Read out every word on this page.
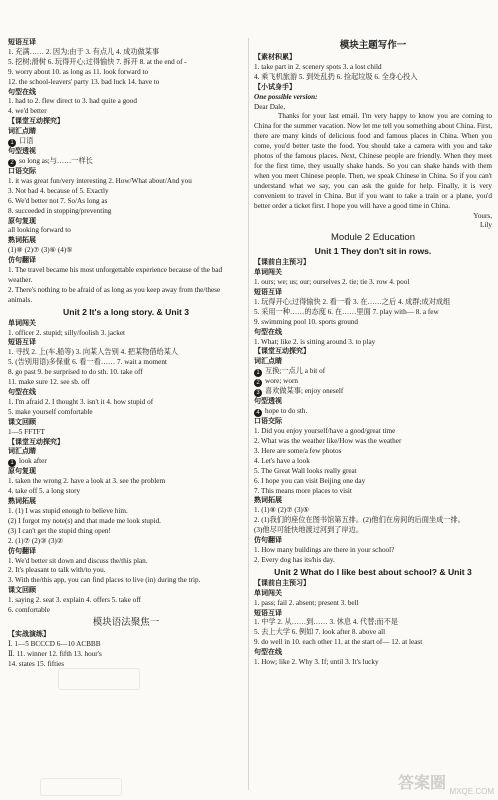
短语互译
1. 充满…… 2. 因为;由于 3. 有点儿 4. 成功做某事
5. 挖树;滑树 6. 玩得开心;过得愉快 7. 拆开 8. at the end of -
9. worry about 10. as long as 11. look forward to
12. the school-leavers' party 13. bad luck 14. have to
句型在线
1. had to 2. flew direct to 3. had quite a good
4. we'd better
【课堂互动探究】
词汇点睛
1 口语
句型透视
2 so long as;与……一样长
口语交际
1. it was great fun/very interesting 2. How/What about/And you
3. Not bad 4. because of 5. Exactly
6. We'd better not 7. So/As long as
8. succeeded in stopping/preventing
原句复现
all looking forward to
熟词拓展
(1)⑧ (2)⑦ (3)⑥ (4)⑤
仿句翻译
1. The travel became his most unforgettable experience because of the bad weather.
2. There's nothing to be afraid of as long as you keep away from the/these animals.
Unit 2 It's a long story. & Unit 3
单词闯关
1. officer 2. stupid; silly/foolish 3. jacket
短语互译
1. 寻找 2. 上(车,船等) 3. 向某人告别 4. 把某物借给某人
5. (告别用语)多保重 6. 看一看…… 7. wait a moment
8. go past 9. be surprised to do sth. 10. take off
11. make sure 12. see sb. off
句型在线
1. I'm afraid 2. I thought 3. isn't it 4. how stupid of
5. make yourself comfortable
课文回顾
1—5 FFTFT
【课堂互动探究】
词汇点睛
1 look after
原句复现
1. taken the wrong 2. have a look at 3. see the problem
4. take off 5. a long story
熟词拓展
1. (1) I was stupid enough to believe him.
(2) I forgot my note(s) and that made me look stupid.
(3) I can't get the stupid thing open!
2. (1)⑦ (2)③ (3)②
仿句翻译
1. We'd better sit down and discuss the/this plan.
2. It's pleasant to talk with/to you.
3. With the/this app, you can find places to live (in) during the trip.
课文回顾
1. saying 2. seat 3. explain 4. offers 5. take off
6. comfortable
模块语法聚焦一
【实战演练】
Ⅰ. 1—5 BCCCD 6—10 ACBBB
Ⅱ. 11. winner 12. fifth 13. hour's
14. states 15. fifties
模块主题写作一
【素材积累】
1. take part in 2. scenery spots 3. a lost child
4. 乘飞机旅游 5. 到处乱扔 6. 捡起垃圾 6. 全身心投入
【小试身手】
One possible version:
Dear Dale,
Thanks for your last email. I'm very happy to know you are coming to China for the summer vacation. Now let me tell you something about China. First, there are many kinds of delicious food and famous places in China. When you come, you'd better taste the food. You should take a camera with you and take photos of the famous places. Next, Chinese people are friendly. When they meet for the first time, they usually shake hands. So you can shake hands with them when you meet Chinese people. Then, we speak Chinese in China. So if you can't understand what we say, you can ask the guide for help. Finally, it is very convenient to travel in China. But if you want to take a train or a plane, you'd better order a ticket first. I hope you will have a good time in China.
Yours,
Lily
Module 2 Education
Unit 1 They don't sit in rows.
【课前自主预习】
单词闯关
1. ours; we; us; our; ourselves 2. tie; tie 3. row 4. pool
短语互译
1. 玩得开心;过得愉快 2. 看一看 3. 在……之后 4. 成群;成对成组
5. 采用一种……的态度 6. 在……里面 7. play with— 8. a few
9. swimming pool 10. sports ground
句型在线
1. What; like 2. is sitting around 3. to play
【课堂互动探究】
词汇点睛
1 互换;一点儿 a bit of
2 wore; worn
3 喜欢做某事; enjoy oneself
句型透视
4 hope to do sth.
口语交际
1. Did you enjoy yourself/have a good/great time
2. What was the weather like/How was the weather
3. Here are some/a few photos
4. Let's have a look
5. The Great Wall looks really great
6. I hope you can visit Beijing one day
7. This means more places to visit
熟词拓展
1. (1)⑧ (2)⑦ (3)⑤
2. (1)我们的座位在图书馆第五排。(2)他们在房间的后面坐成一排。
(3)他尽可能快地渡过河到了岸边。
仿句翻译
1. How many buildings are there in your school?
2. Every dog has its/his day.
Unit 2 What do I like best about school? & Unit 3
【课前自主预习】
单词闯关
1. pass; fail 2. absent; present 3. bell
短语互译
1. 中学 2. 从……到…… 3. 休息 4. 代替;而不是
5. 去上大学 6. 例如 7. look after 8. above all
9. do well in 10. each other 11. at the start of— 12. at least
句型在线
1. How; like 2. Why 3. If; until 3. It's lucky
答案圈 MXQE.COM
